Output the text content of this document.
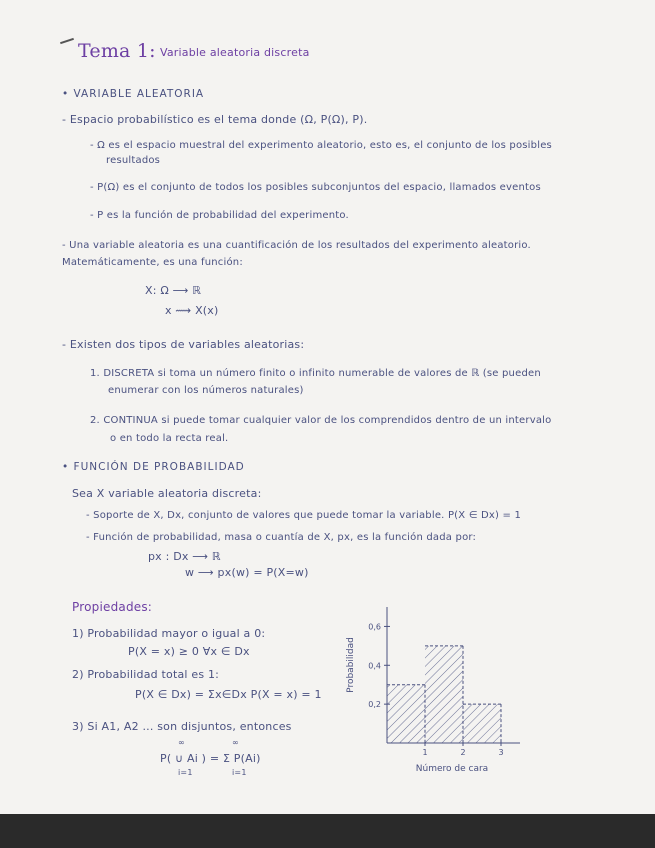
Tema 1: Variable aleatoria discreta
• VARIABLE ALEATORIA
- Espacio probabilístico es el tema donde (Ω, P(Ω), P).
- Ω es el espacio muestral del experimento aleatorio, esto es, el conjunto de los posibles
resultados
- P(Ω) es el conjunto de todos los posibles subconjuntos del espacio, llamados eventos
- P es la función de probabilidad del experimento.
- Una variable aleatoria es una cuantificación de los resultados del experimento aleatorio.
Matemáticamente, es una función:
X: Ω ⟶ ℝ
x ⟿ X(x)
- Existen dos tipos de variables aleatorias:
1. DISCRETA si toma un número finito o infinito numerable de valores de ℝ (se pueden
enumerar con los números naturales)
2. CONTINUA si puede tomar cualquier valor de los comprendidos dentro de un intervalo
o en todo la recta real.
• FUNCIÓN DE PROBABILIDAD
Sea X variable aleatoria discreta:
- Soporte de X, Dx, conjunto de valores que puede tomar la variable. P(X ∈ Dx) = 1
- Función de probabilidad, masa o cuantía de X, px, es la función dada por:
px : Dx ⟶ ℝ
w ⟶ px(w) = P(X=w)
Propiedades:
1) Probabilidad mayor o igual a 0:
P(X = x) ≥ 0 ∀x ∈ Dx
2) Probabilidad total es 1:
P(X ∈ Dx) = Σx∈Dx P(X = x) = 1
3) Si A1, A2 ... son disjuntos, entonces
P( ∪ Ai ) = Σ P(Ai)
∞
i=1
∞
i=1
0,6
0,4
0,2
1	2	3
Número de cara
Probabilidad
